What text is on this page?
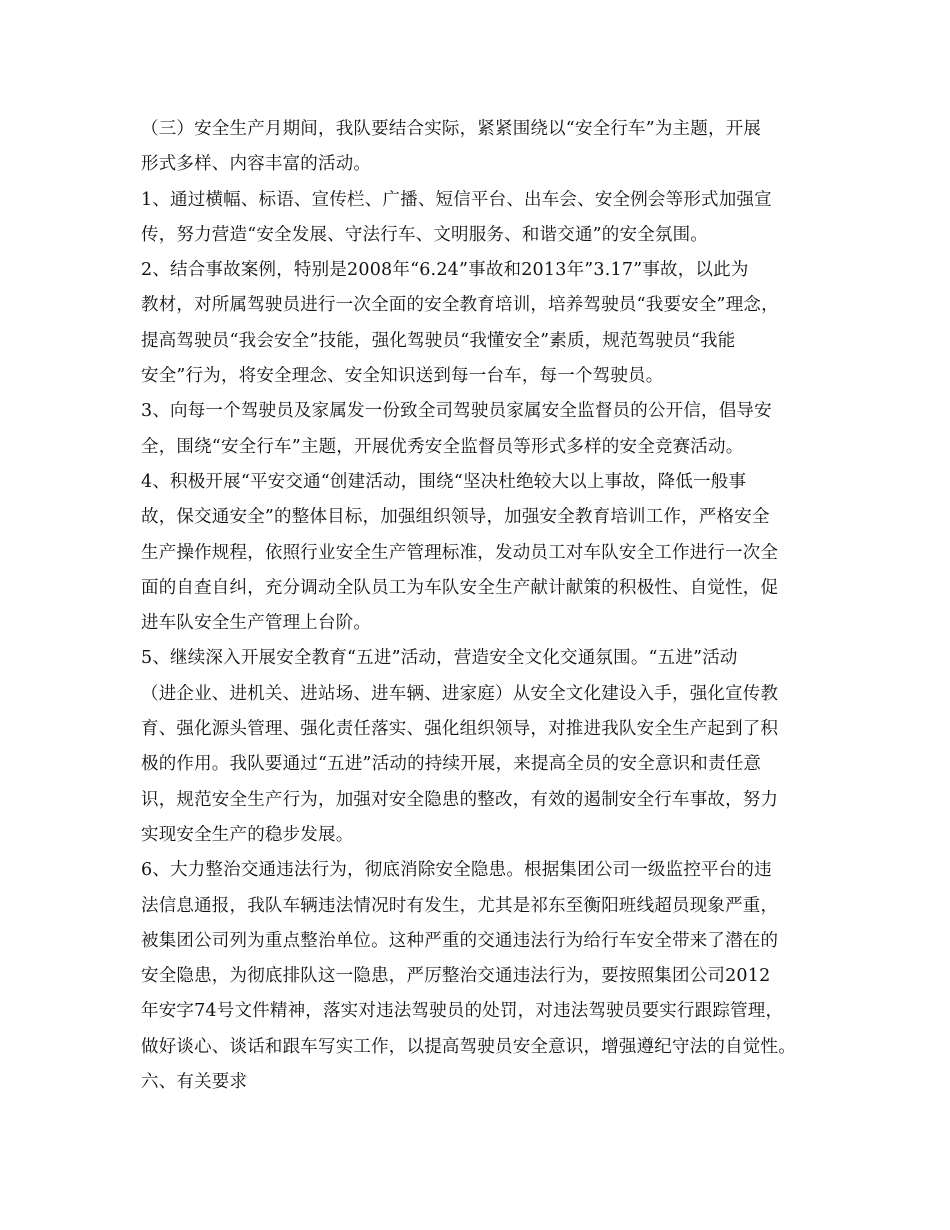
（三）安全生产月期间，我队要结合实际，紧紧围绕以“安全行车”为主题，开展
形式多样、内容丰富的活动。

1、通过横幅、标语、宣传栏、广播、短信平台、出车会、安全例会等形式加强宣
传，努力营造“安全发展、守法行车、文明服务、和谐交通”的安全氛围。

2、结合事故案例，特别是2008年“6.24”事故和2013年”3.17”事故，以此为
教材，对所属驾驶员进行一次全面的安全教育培训，培养驾驶员“我要安全”理念，
提高驾驶员“我会安全”技能，强化驾驶员“我懂安全”素质，规范驾驶员“我能
安全”行为，将安全理念、安全知识送到每一台车，每一个驾驶员。

3、向每一个驾驶员及家属发一份致全司驾驶员家属安全监督员的公开信，倡导安
全，围绕“安全行车”主题，开展优秀安全监督员等形式多样的安全竞赛活动。

4、积极开展“平安交通“创建活动，围绕“坚决杜绝较大以上事故，降低一般事
故，保交通安全”的整体目标，加强组织领导，加强安全教育培训工作，严格安全
生产操作规程，依照行业安全生产管理标准，发动员工对车队安全工作进行一次全
面的自查自纠，充分调动全队员工为车队安全生产献计献策的积极性、自觉性，促
进车队安全生产管理上台阶。

5、继续深入开展安全教育“五进”活动，营造安全文化交通氛围。“五进”活动
（进企业、进机关、进站场、进车辆、进家庭）从安全文化建设入手，强化宣传教
育、强化源头管理、强化责任落实、强化组织领导，对推进我队安全生产起到了积
极的作用。我队要通过“五进”活动的持续开展，来提高全员的安全意识和责任意
识，规范安全生产行为，加强对安全隐患的整改，有效的遏制安全行车事故，努力
实现安全生产的稳步发展。

6、大力整治交通违法行为，彻底消除安全隐患。根据集团公司一级监控平台的违
法信息通报，我队车辆违法情况时有发生，尤其是祁东至衡阳班线超员现象严重，
被集团公司列为重点整治单位。这种严重的交通违法行为给行车安全带来了潜在的
安全隐患，为彻底排队这一隐患，严厉整治交通违法行为，要按照集团公司2012
年安字74号文件精神，落实对违法驾驶员的处罚，对违法驾驶员要实行跟踪管理，
做好谈心、谈话和跟车写实工作，以提高驾驶员安全意识，增强遵纪守法的自觉性。

六、有关要求
